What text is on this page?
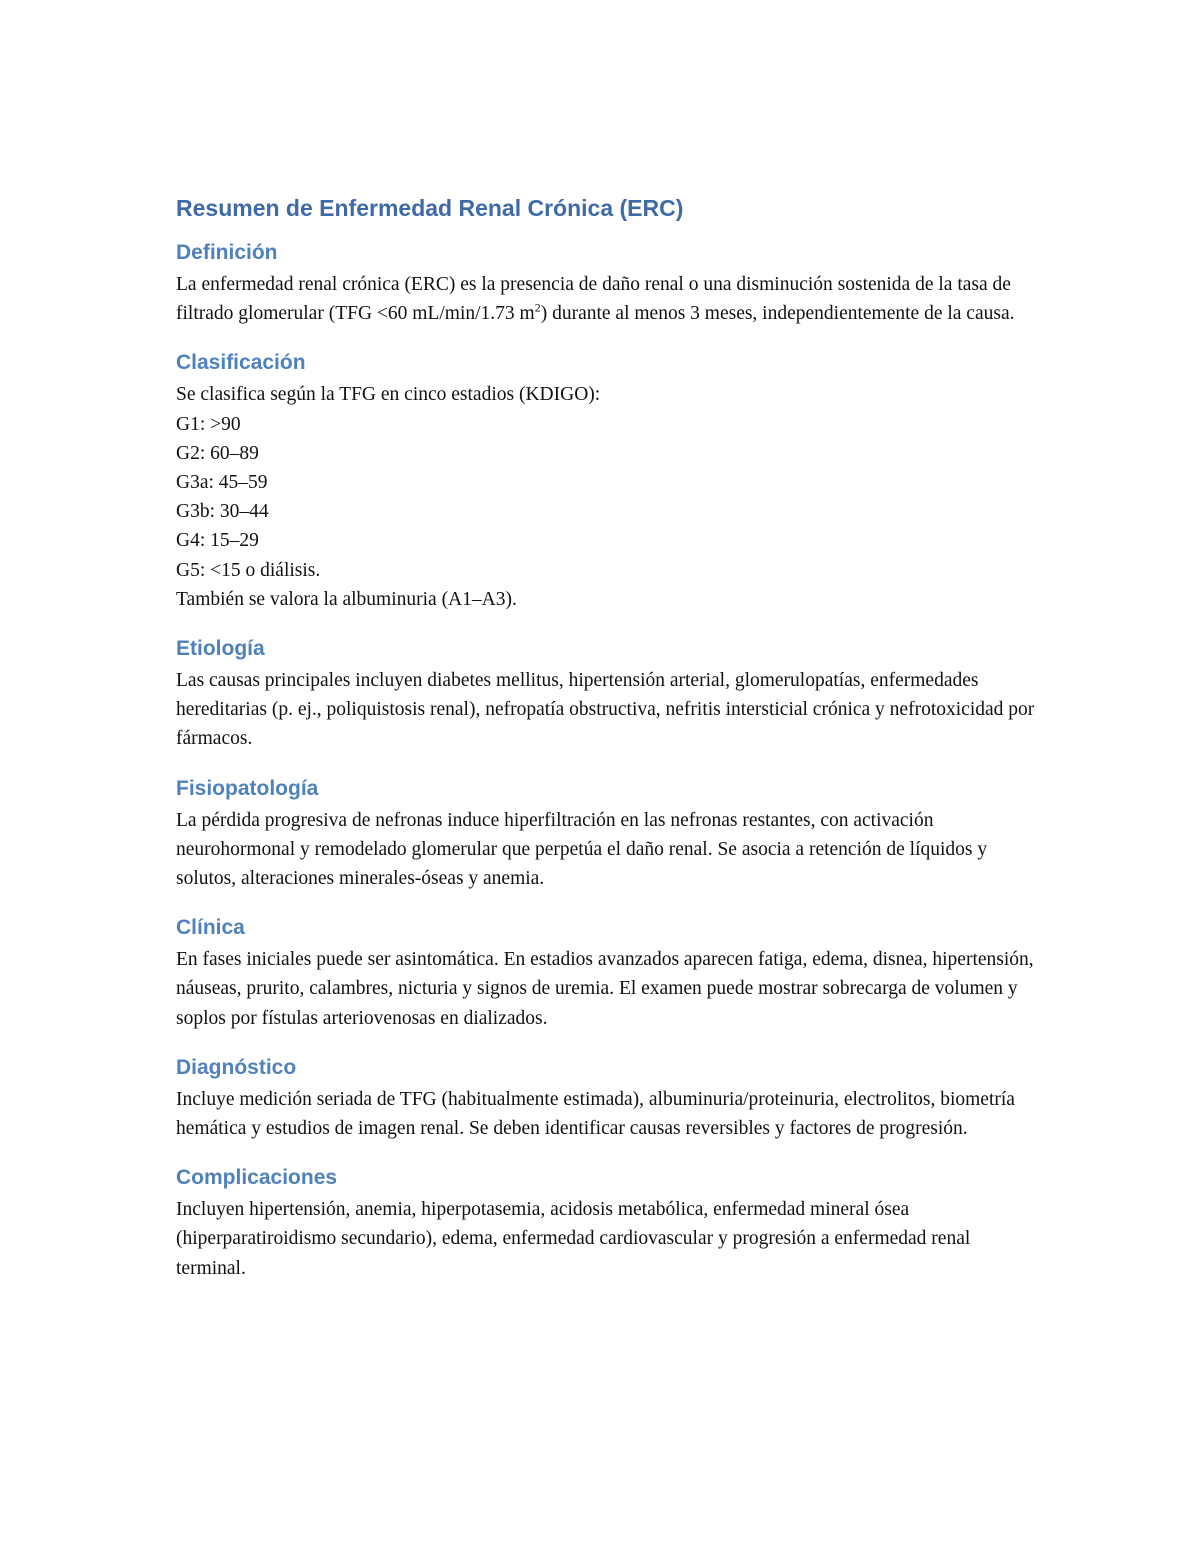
Resumen de Enfermedad Renal Crónica (ERC)
Definición

La enfermedad renal crónica (ERC) es la presencia de daño renal o una disminución sostenida de la tasa de filtrado glomerular (TFG <60 mL/min/1.73 $m^2$) durante al menos 3 meses, independientemente de la causa.

Clasificación

Se clasifica según la TFG en cinco estadios (KDIGO):
G1: >90
G2: 60–89
G3a: 45–59
G3b: 30–44
G4: 15–29
G5: <15 o diálisis.
También se valora la albuminuria (A1–A3).

Etiología

Las causas principales incluyen diabetes mellitus, hipertensión arterial, glomerulopatías, enfermedades hereditarias (p. ej., poliquistosis renal), nefropatía obstructiva, nefritis intersticial crónica y nefrotoxicidad por fármacos.

Fisiopatología

La pérdida progresiva de nefronas induce hiperfiltración en las nefronas restantes, con activación neurohormonal y remodelado glomerular que perpetúa el daño renal. Se asocia a retención de líquidos y solutos, alteraciones minerales-óseas y anemia.

Clínica

En fases iniciales puede ser asintomática. En estadios avanzados aparecen fatiga, edema, disnea, hipertensión, náuseas, prurito, calambres, nicturia y signos de uremia. El examen puede mostrar sobrecarga de volumen y soplos por fístulas arteriovenosas en dializados.

Diagnóstico

Incluye medición seriada de TFG (habitualmente estimada), albuminuria/proteinuria, electrolitos, biometría hemática y estudios de imagen renal. Se deben identificar causas reversibles y factores de progresión.

Complicaciones

Incluyen hipertensión, anemia, hiperpotasemia, acidosis metabólica, enfermedad mineral ósea (hiperparatiroidismo secundario), edema, enfermedad cardiovascular y progresión a enfermedad renal terminal.
